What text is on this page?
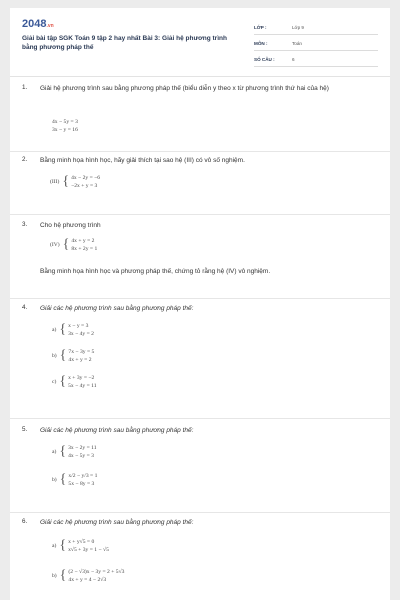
2048.vn
Giải bài tập SGK Toán 9 tập 2 hay nhất Bài 3: Giải hệ phương trình bằng phương pháp thế
LỚP :	Lớp 9
MÔN :	Toán
SỐ CÂU :	6
1. Giải hệ phương trình sau bằng phương pháp thế (biểu diễn y theo x từ phương trình thứ hai của hệ)
4x − 5y = 3
3x − y = 16
2. Bằng minh họa hình học, hãy giải thích tại sao hệ (III) có vô số nghiệm.
(III) { 4x − 2y = −6
−2x + y = 3
3. Cho hệ phương trình
(IV) { 4x + y = 2
8x + 2y = 1
Bằng minh họa hình học và phương pháp thế, chứng tỏ rằng hệ (IV) vô nghiệm.
4. Giải các hệ phương trình sau bằng phương pháp thế:
a) { x − y = 3
3x − 4y = 2
b) { 7x − 3y = 5
4x + y = 2
c) { x + 3y = −2
5x − 4y = 11
5. Giải các hệ phương trình sau bằng phương pháp thế:
a) { 3x − 2y = 11
4x − 5y = 3
b) { x/2 − y/3 = 1
5x − 8y = 3
6. Giải các hệ phương trình sau bằng phương pháp thế:
a) { x + y√5 = 0
x√5 + 3y = 1 − √5
b) { (2 − √3)x − 3y = 2 + 5√3
4x + y = 4 − 2√3
